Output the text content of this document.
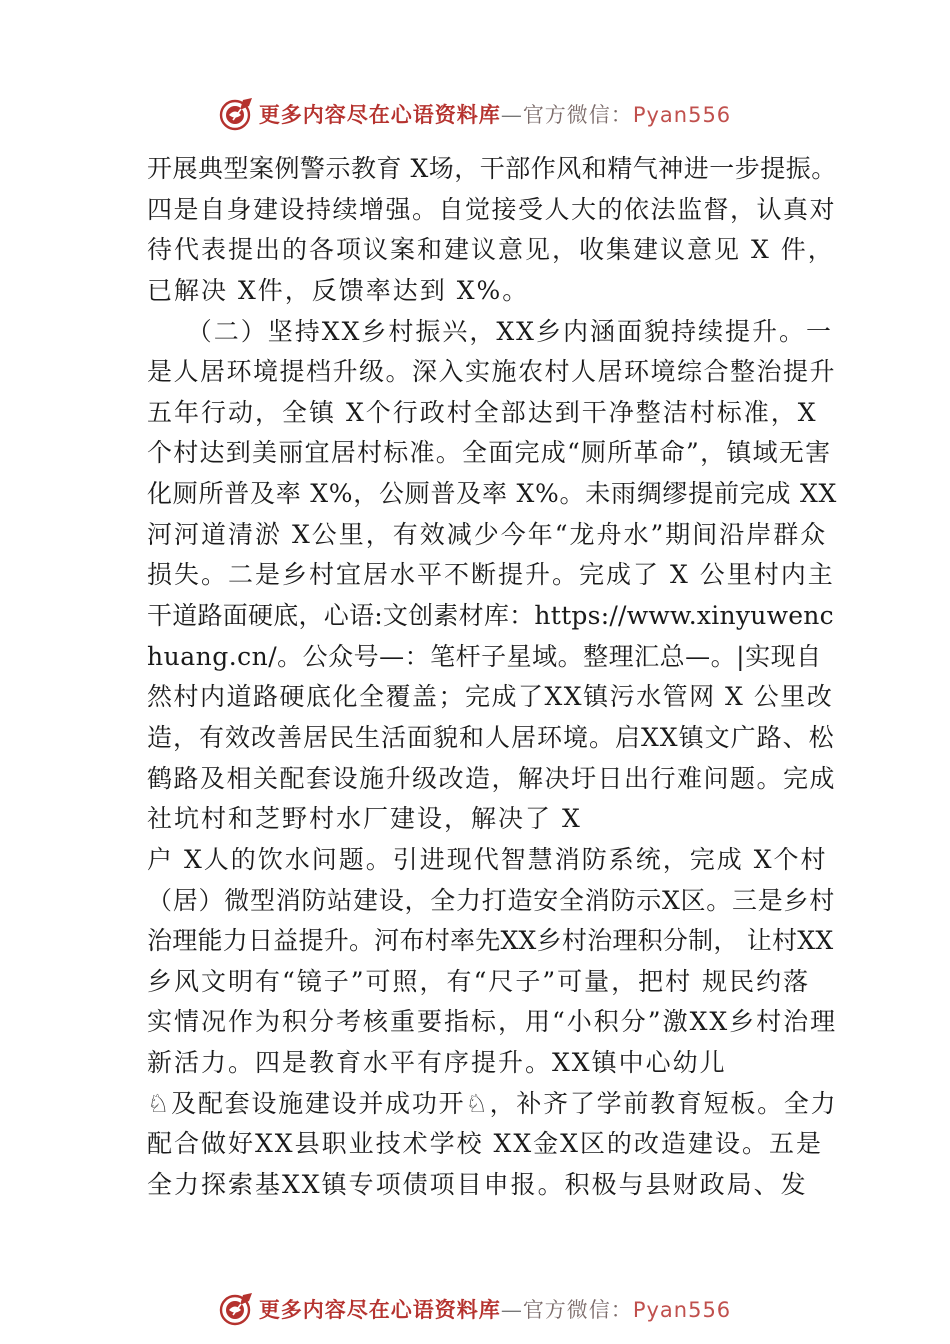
更多内容尽在心语资料库—官方微信：Pyan556
开展典型案例警示教育 X场，干部作风和精气神进一步提振。
四是自身建设持续增强。自觉接受人大的依法监督，认真对
待代表提出的各项议案和建议意见，收集建议意见 X 件，
已解决 X件，反馈率达到 X%。
（二）坚持XX乡村振兴，XX乡内涵面貌持续提升。一
是人居环境提档升级。深入实施农村人居环境综合整治提升
五年行动，全镇 X个行政村全部达到干净整洁村标准，X
个村达到美丽宜居村标准。全面完成“厕所革命”，镇域无害
化厕所普及率 X%，公厕普及率 X%。未雨绸缪提前完成 XX
河河道清淤 X公里，有效减少今年“龙舟水”期间沿岸群众
损失。二是乡村宜居水平不断提升。完成了 X 公里村内主
干道路面硬底，心语:文创素材库：https://www.xinyuwenc
huang.cn/。公众号—：笔杆子星域。整理汇总—。|实现自
然村内道路硬底化全覆盖；完成了XX镇污水管网 X 公里改
造，有效改善居民生活面貌和人居环境。启XX镇文广路、松
鹤路及相关配套设施升级改造，解决圩日出行难问题。完成
社坑村和芝野村水厂建设，解决了 X
户 X人的饮水问题。引进现代智慧消防系统，完成 X个村
（居）微型消防站建设，全力打造安全消防示X区。三是乡村
治理能力日益提升。河布村率先XX乡村治理积分制， 让村XX
乡风文明有“镜子”可照，有“尺子”可量，把村 规民约落
实情况作为积分考核重要指标，用“小积分”激XX乡村治理
新活力。四是教育水平有序提升。XX镇中心幼儿
♘及配套设施建设并成功开♘，补齐了学前教育短板。全力
配合做好XX县职业技术学校 XX金X区的改造建设。五是
全力探索基XX镇专项债项目申报。积极与县财政局、发
更多内容尽在心语资料库—官方微信：Pyan556
